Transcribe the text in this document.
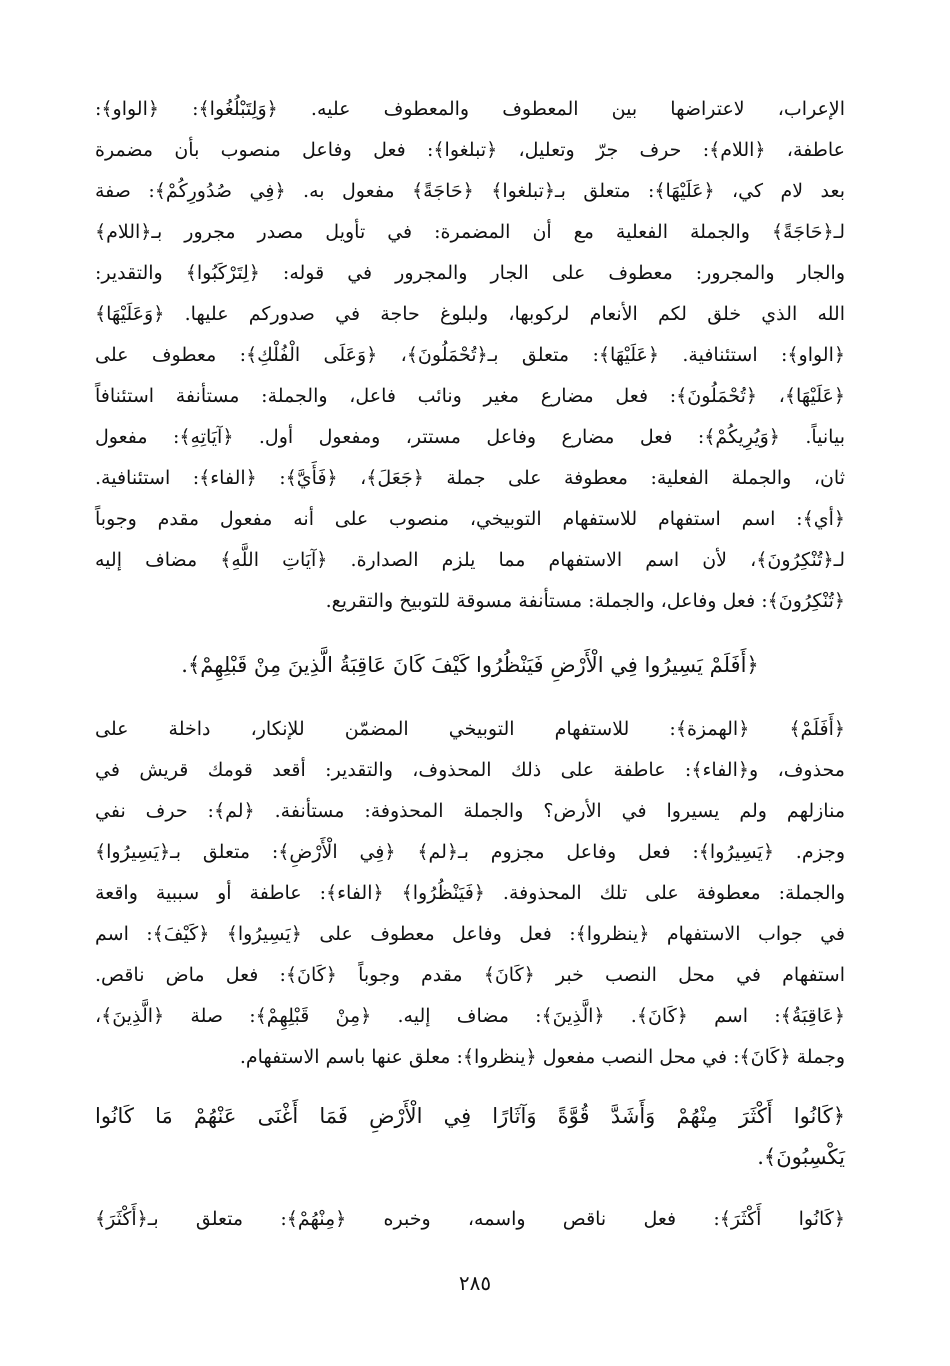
الإعراب، لاعتراضها بين المعطوف والمعطوف عليه. ﴿وَلِتَبْلُغُوا﴾: ﴿الواو﴾:
عاطفة، ﴿اللام﴾: حرف جرّ وتعليل، ﴿تبلغوا﴾: فعل وفاعل منصوب بأن مضمرة
بعد لام كي، ﴿عَلَيْهَا﴾: متعلق بـ﴿تبلغوا﴾ ﴿حَاجَةً﴾ مفعول به. ﴿فِي صُدُورِكُمْ﴾: صفة
لـ﴿حَاجَةً﴾ والجملة الفعلية مع أن المضمرة: في تأويل مصدر مجرور بـ﴿اللام﴾
والجار والمجرور: معطوف على الجار والمجرور في قوله: ﴿لِتَرْكَبُوا﴾ والتقدير:
الله الذي خلق لكم الأنعام لركوبها، ولبلوغ حاجة في صدوركم عليها. ﴿وَعَلَيْهَا﴾
﴿الواو﴾: استئنافية. ﴿عَلَيْهَا﴾: متعلق بـ﴿تُحْمَلُونَ﴾، ﴿وَعَلَى الْفُلْكِ﴾: معطوف على
﴿عَلَيْهَا﴾، ﴿تُحْمَلُونَ﴾: فعل مضارع مغير ونائب فاعل، والجملة: مستأنفة استئنافاً
بيانياً. ﴿وَيُرِيكُمْ﴾: فعل مضارع وفاعل مستتر، ومفعول أول. ﴿آيَاتِهِ﴾: مفعول
ثان، والجملة الفعلية: معطوفة على جملة ﴿جَعَلَ﴾، ﴿فَأَيَّ﴾: ﴿الفاء﴾: استئنافية.
﴿أي﴾: اسم استفهام للاستفهام التوبيخي، منصوب على أنه مفعول مقدم وجوباً
لـ﴿تُنْكِرُونَ﴾، لأن اسم الاستفهام مما يلزم الصدارة. ﴿آيَاتِ اللَّهِ﴾ مضاف إليه
﴿تُنْكِرُونَ﴾: فعل وفاعل، والجملة: مستأنفة مسوقة للتوبيخ والتقريع.
﴿أَفَلَمْ يَسِيرُوا فِي الْأَرْضِ فَيَنْظُرُوا كَيْفَ كَانَ عَاقِبَةُ الَّذِينَ مِنْ قَبْلِهِمْ﴾.
﴿أَفَلَمْ﴾ ﴿الهمزة﴾: للاستفهام التوبيخي المضمّن للإنكار، داخلة على
محذوف، و﴿الفاء﴾: عاطفة على ذلك المحذوف، والتقدير: أقعد قومك قريش في
منازلهم ولم يسيروا في الأرض؟ والجملة المحذوفة: مستأنفة. ﴿لم﴾: حرف نفي
وجزم. ﴿يَسِيرُوا﴾: فعل وفاعل مجزوم بـ﴿لم﴾ ﴿فِي الْأَرْضِ﴾: متعلق بـ﴿يَسِيرُوا﴾
والجملة: معطوفة على تلك المحذوفة. ﴿فَيَنْظُرُوا﴾ ﴿الفاء﴾: عاطفة أو سببية واقعة
في جواب الاستفهام ﴿ينظروا﴾: فعل وفاعل معطوف على ﴿يَسِيرُوا﴾ ﴿كَيْفَ﴾: اسم
استفهام في محل النصب خبر ﴿كَانَ﴾ مقدم وجوباً ﴿كَانَ﴾: فعل ماض ناقص.
﴿عَاقِبَةُ﴾: اسم ﴿كَانَ﴾. ﴿الَّذِينَ﴾: مضاف إليه. ﴿مِنْ قَبْلِهِمْ﴾: صلة ﴿الَّذِينَ﴾،
وجملة ﴿كَانَ﴾: في محل النصب مفعول ﴿ينظروا﴾: معلق عنها باسم الاستفهام.
﴿كَانُوا أَكْثَرَ مِنْهُمْ وَأَشَدَّ قُوَّةً وَآثَارًا فِي الْأَرْضِ فَمَا أَغْنَى عَنْهُمْ مَا كَانُوا
يَكْسِبُونَ﴾.
﴿كَانُوا أَكْثَرَ﴾: فعل ناقص واسمه، وخبره ﴿مِنْهُمْ﴾: متعلق بـ﴿أَكْثَرَ﴾
٢٨٥
